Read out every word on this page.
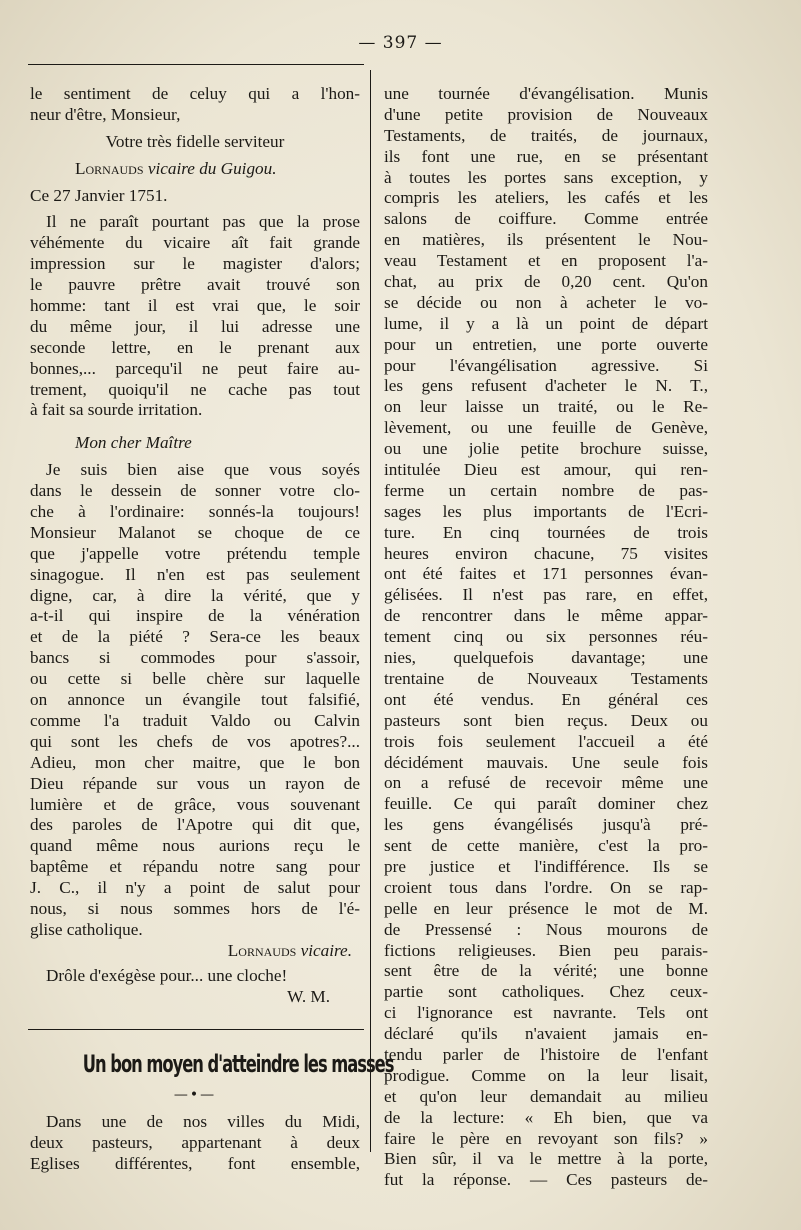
— 397 —
le sentiment de celuy qui a l'hon-
neur d'être, Monsieur,
Votre très fidelle serviteur
Lornauds vicaire du Guigou.
Ce 27 Janvier 1751.
Il ne paraît pourtant pas que la prose
véhémente du vicaire aît fait grande
impression sur le magister d'alors;
le pauvre prêtre avait trouvé son
homme: tant il est vrai que, le soir
du même jour, il lui adresse une
seconde lettre, en le prenant aux
bonnes,... parcequ'il ne peut faire au-
trement, quoiqu'il ne cache pas tout
à fait sa sourde irritation.
Mon cher Maître
Je suis bien aise que vous soyés
dans le dessein de sonner votre clo-
che à l'ordinaire: sonnés-la toujours!
Monsieur Malanot se choque de ce
que j'appelle votre prétendu temple
sinagogue. Il n'en est pas seulement
digne, car, à dire la vérité, que y
a-t-il qui inspire de la vénération
et de la piété ? Sera-ce les beaux
bancs si commodes pour s'assoir,
ou cette si belle chère sur laquelle
on annonce un évangile tout falsifié,
comme l'a traduit Valdo ou Calvin
qui sont les chefs de vos apotres?...
Adieu, mon cher maitre, que le bon
Dieu répande sur vous un rayon de
lumière et de grâce, vous souvenant
des paroles de l'Apotre qui dit que,
quand même nous aurions reçu le
baptême et répandu notre sang pour
J. C., il n'y a point de salut pour
nous, si nous sommes hors de l'é-
glise catholique.
Lornauds vicaire.
Drôle d'exégèse pour... une cloche!
W. M.
Un bon moyen d'atteindre les masses
—•—
Dans une de nos villes du Midi,
deux pasteurs, appartenant à deux
Eglises différentes, font ensemble,
une tournée d'évangélisation. Munis
d'une petite provision de Nouveaux
Testaments, de traités, de journaux,
ils font une rue, en se présentant
à toutes les portes sans exception, y
compris les ateliers, les cafés et les
salons de coiffure. Comme entrée
en matières, ils présentent le Nou-
veau Testament et en proposent l'a-
chat, au prix de 0,20 cent. Qu'on
se décide ou non à acheter le vo-
lume, il y a là un point de départ
pour un entretien, une porte ouverte
pour l'évangélisation agressive. Si
les gens refusent d'acheter le N. T.,
on leur laisse un traité, ou le Re-
lèvement, ou une feuille de Genève,
ou une jolie petite brochure suisse,
intitulée Dieu est amour, qui ren-
ferme un certain nombre de pas-
sages les plus importants de l'Ecri-
ture. En cinq tournées de trois
heures environ chacune, 75 visites
ont été faites et 171 personnes évan-
gélisées. Il n'est pas rare, en effet,
de rencontrer dans le même appar-
tement cinq ou six personnes réu-
nies, quelquefois davantage; une
trentaine de Nouveaux Testaments
ont été vendus. En général ces
pasteurs sont bien reçus. Deux ou
trois fois seulement l'accueil a été
décidément mauvais. Une seule fois
on a refusé de recevoir même une
feuille. Ce qui paraît dominer chez
les gens évangélisés jusqu'à pré-
sent de cette manière, c'est la pro-
pre justice et l'indifférence. Ils se
croient tous dans l'ordre. On se rap-
pelle en leur présence le mot de M.
de Pressensé : Nous mourons de
fictions religieuses. Bien peu parais-
sent être de la vérité; une bonne
partie sont catholiques. Chez ceux-
ci l'ignorance est navrante. Tels ont
déclaré qu'ils n'avaient jamais en-
tendu parler de l'histoire de l'enfant
prodigue. Comme on la leur lisait,
et qu'on leur demandait au milieu
de la lecture: « Eh bien, que va
faire le père en revoyant son fils? »
Bien sûr, il va le mettre à la porte,
fut la réponse. — Ces pasteurs de-
